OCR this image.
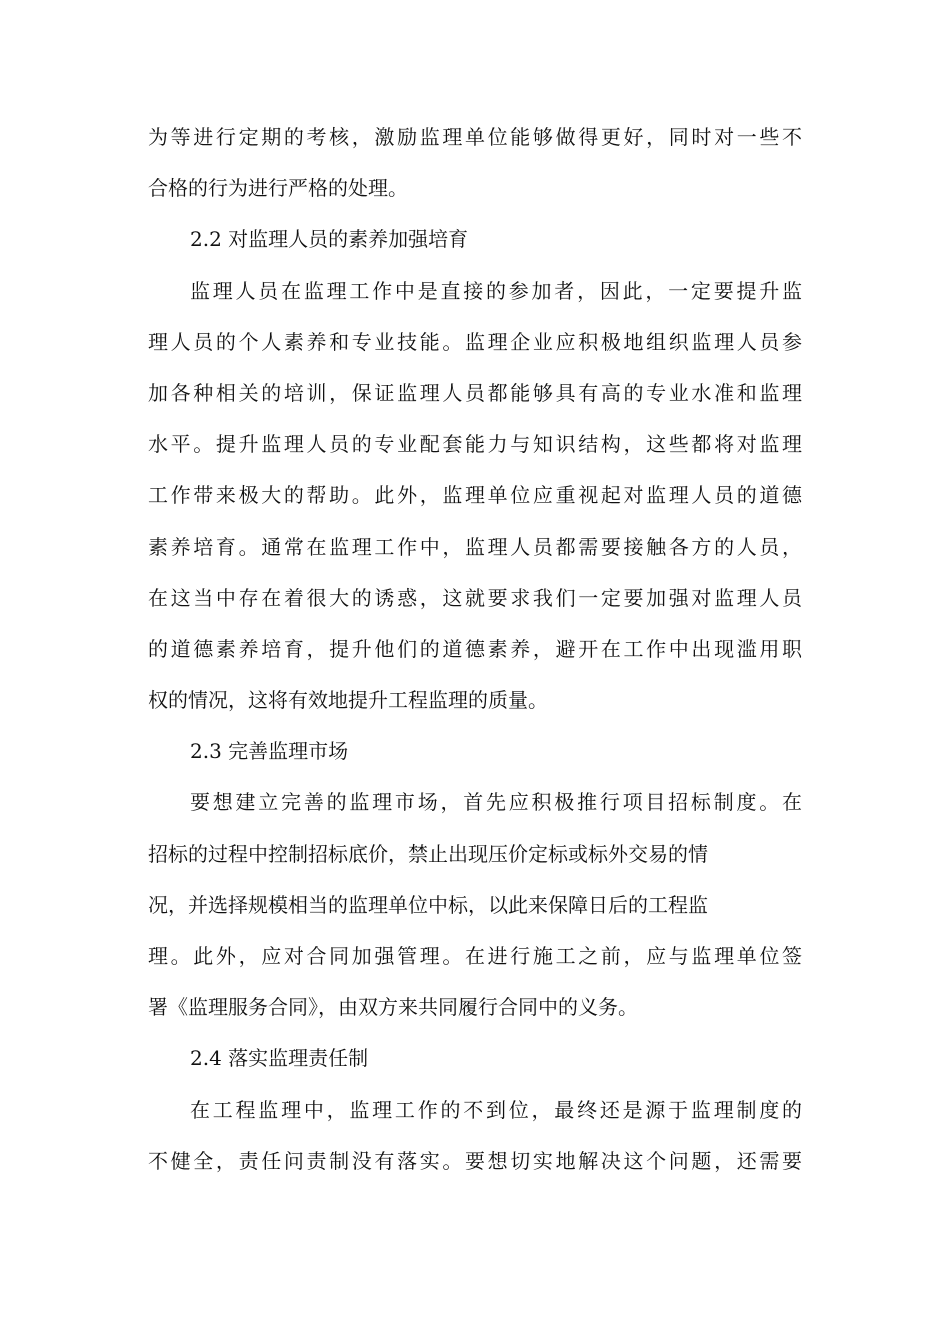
为等进行定期的考核，激励监理单位能够做得更好，同时对一些不
合格的行为进行严格的处理。
2.2 对监理人员的素养加强培育
监理人员在监理工作中是直接的参加者，因此，一定要提升监
理人员的个人素养和专业技能。监理企业应积极地组织监理人员参
加各种相关的培训，保证监理人员都能够具有高的专业水准和监理
水平。提升监理人员的专业配套能力与知识结构，这些都将对监理
工作带来极大的帮助。此外，监理单位应重视起对监理人员的道德
素养培育。通常在监理工作中，监理人员都需要接触各方的人员，
在这当中存在着很大的诱惑，这就要求我们一定要加强对监理人员
的道德素养培育，提升他们的道德素养，避开在工作中出现滥用职
权的情况，这将有效地提升工程监理的质量。
2.3 完善监理市场
要想建立完善的监理市场，首先应积极推行项目招标制度。在
招标的过程中控制招标底价，禁止出现压价定标或标外交易的情
况，并选择规模相当的监理单位中标，以此来保障日后的工程监
理。此外，应对合同加强管理。在进行施工之前，应与监理单位签
署《监理服务合同》，由双方来共同履行合同中的义务。
2.4 落实监理责任制
在工程监理中，监理工作的不到位，最终还是源于监理制度的
不健全，责任问责制没有落实。要想切实地解决这个问题，还需要
